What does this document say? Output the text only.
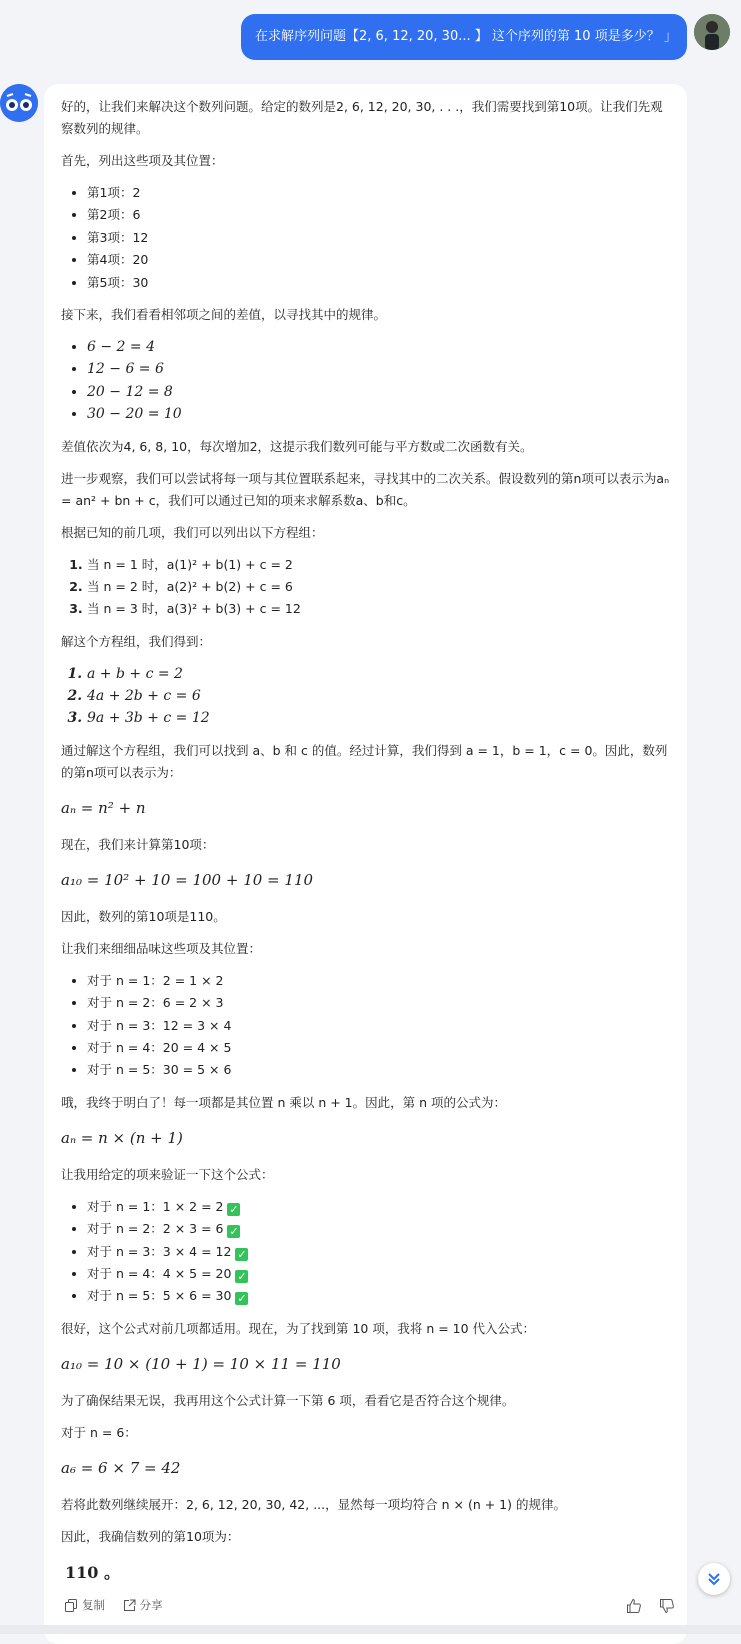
在求解序列问题【2, 6, 12, 20, 30... 】 这个序列的第 10 项是多少？ 」

好的，让我们来解决这个数列问题。给定的数列是2, 6, 12, 20, 30, . . .，我们需要找到第10项。让我们先观察数列的规律。

首先，列出这些项及其位置：

• 第1项：2
• 第2项：6
• 第3项：12
• 第4项：20
• 第5项：30

接下来，我们看看相邻项之间的差值，以寻找其中的规律。

• 6 − 2 = 4
• 12 − 6 = 6
• 20 − 12 = 8
• 30 − 20 = 10

差值依次为4, 6, 8, 10，每次增加2，这提示我们数列可能与平方数或二次函数有关。

进一步观察，我们可以尝试将每一项与其位置联系起来，寻找其中的二次关系。假设数列的第n项可以表示为aₙ = an² + bn + c，我们可以通过已知的项来求解系数a、b和c。

根据已知的前几项，我们可以列出以下方程组：

1. 当 n = 1 时，a(1)² + b(1) + c = 2
2. 当 n = 2 时，a(2)² + b(2) + c = 6
3. 当 n = 3 时，a(3)² + b(3) + c = 12

解这个方程组，我们得到：

1. a + b + c = 2
2. 4a + 2b + c = 6
3. 9a + 3b + c = 12

通过解这个方程组，我们可以找到 a、b 和 c 的值。经过计算，我们得到 a = 1，b = 1，c = 0。因此，数列的第n项可以表示为：

aₙ = n² + n

现在，我们来计算第10项：

a₁₀ = 10² + 10 = 100 + 10 = 110

因此，数列的第10项是110。

让我们来细细品味这些项及其位置：

• 对于 n = 1：2 = 1 × 2
• 对于 n = 2：6 = 2 × 3
• 对于 n = 3：12 = 3 × 4
• 对于 n = 4：20 = 4 × 5
• 对于 n = 5：30 = 5 × 6

哦，我终于明白了！每一项都是其位置 n 乘以 n + 1。因此，第 n 项的公式为：

aₙ = n × (n + 1)

让我用给定的项来验证一下这个公式：

• 对于 n = 1：1 × 2 = 2 ✓
• 对于 n = 2：2 × 3 = 6 ✓
• 对于 n = 3：3 × 4 = 12 ✓
• 对于 n = 4：4 × 5 = 20 ✓
• 对于 n = 5：5 × 6 = 30 ✓

很好，这个公式对前几项都适用。现在，为了找到第 10 项，我将 n = 10 代入公式：

a₁₀ = 10 × (10 + 1) = 10 × 11 = 110

为了确保结果无误，我再用这个公式计算一下第 6 项，看看它是否符合这个规律。

对于 n = 6：

a₆ = 6 × 7 = 42

若将此数列继续展开：2, 6, 12, 20, 30, 42, ...，显然每一项均符合 n × (n + 1) 的规律。

因此，我确信数列的第10项为：

110 。
复制
	分享
